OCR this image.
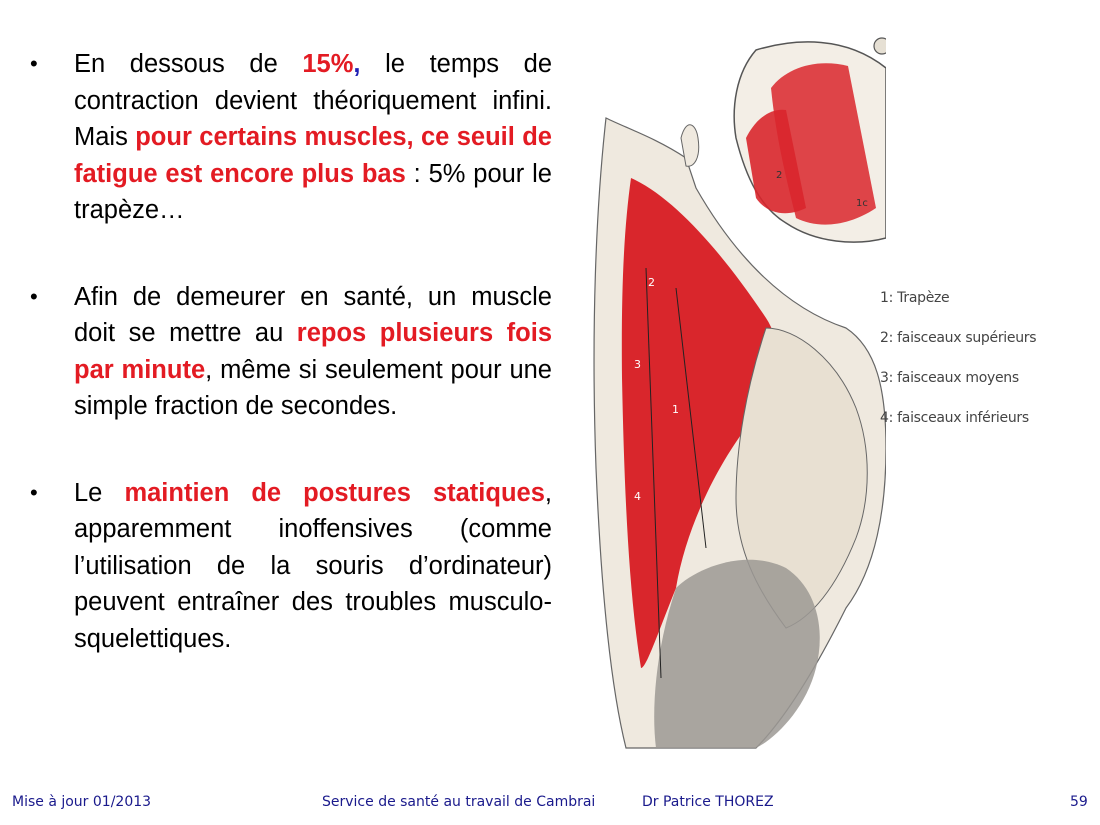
• En dessous de 15%, le temps de contraction devient théoriquement infini. Mais pour certains muscles, ce seuil de fatigue est encore plus bas : 5% pour le trapèze…
• Afin de demeurer en santé, un muscle doit se mettre au repos plusieurs fois par minute, même si seulement pour une simple fraction de secondes.
• Le maintien de postures statiques, apparemment inoffensives (comme l’utilisation de la souris d’ordinateur) peuvent entraîner des troubles musculo-squelettiques.
2
1c
2
3
1
4
1: Trapèze
2: faisceaux supérieurs
3: faisceaux moyens
4: faisceaux inférieurs
Mise à jour 01/2013	Service de santé au travail de Cambrai	Dr Patrice THOREZ	59
